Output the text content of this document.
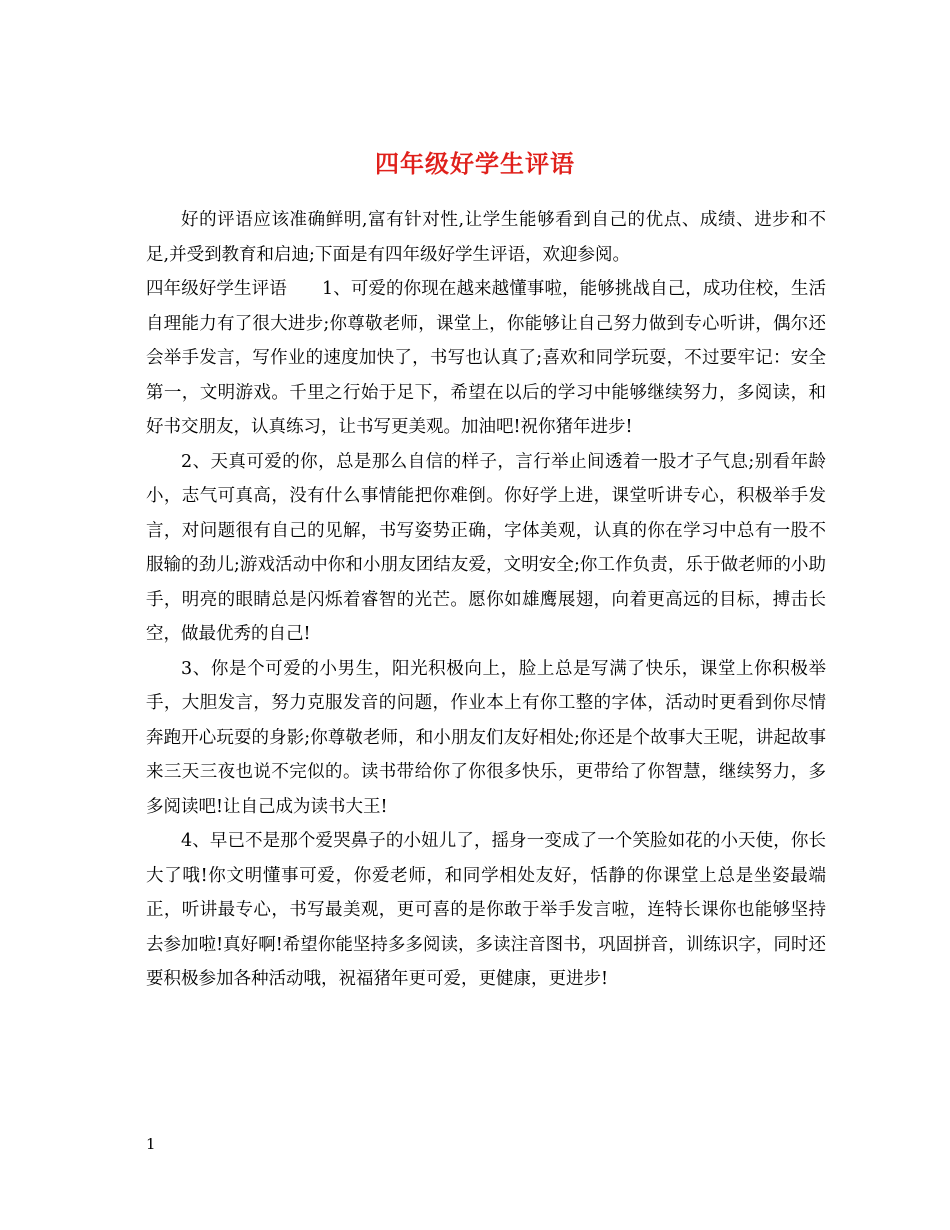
四年级好学生评语

好的评语应该准确鲜明,富有针对性,让学生能够看到自己的优点、成绩、进步和不足,并受到教育和启迪;下面是有四年级好学生评语，欢迎参阅。

四年级好学生评语　　1、可爱的你现在越来越懂事啦，能够挑战自己，成功住校，生活自理能力有了很大进步;你尊敬老师，课堂上，你能够让自己努力做到专心听讲，偶尔还会举手发言，写作业的速度加快了，书写也认真了;喜欢和同学玩耍，不过要牢记：安全第一，文明游戏。千里之行始于足下，希望在以后的学习中能够继续努力，多阅读，和好书交朋友，认真练习，让书写更美观。加油吧!祝你猪年进步!

2、天真可爱的你，总是那么自信的样子，言行举止间透着一股才子气息;别看年龄小，志气可真高，没有什么事情能把你难倒。你好学上进，课堂听讲专心，积极举手发言，对问题很有自己的见解，书写姿势正确，字体美观，认真的你在学习中总有一股不服输的劲儿;游戏活动中你和小朋友团结友爱，文明安全;你工作负责，乐于做老师的小助手，明亮的眼睛总是闪烁着睿智的光芒。愿你如雄鹰展翅，向着更高远的目标，搏击长空，做最优秀的自己!

3、你是个可爱的小男生，阳光积极向上，脸上总是写满了快乐，课堂上你积极举手，大胆发言，努力克服发音的问题，作业本上有你工整的字体，活动时更看到你尽情奔跑开心玩耍的身影;你尊敬老师，和小朋友们友好相处;你还是个故事大王呢，讲起故事来三天三夜也说不完似的。读书带给你了你很多快乐，更带给了你智慧，继续努力，多多阅读吧!让自己成为读书大王!

4、早已不是那个爱哭鼻子的小妞儿了，摇身一变成了一个笑脸如花的小天使，你长大了哦!你文明懂事可爱，你爱老师，和同学相处友好，恬静的你课堂上总是坐姿最端正，听讲最专心，书写最美观，更可喜的是你敢于举手发言啦，连特长课你也能够坚持去参加啦!真好啊!希望你能坚持多多阅读，多读注音图书，巩固拼音，训练识字，同时还要积极参加各种活动哦，祝福猪年更可爱，更健康，更进步!

1
